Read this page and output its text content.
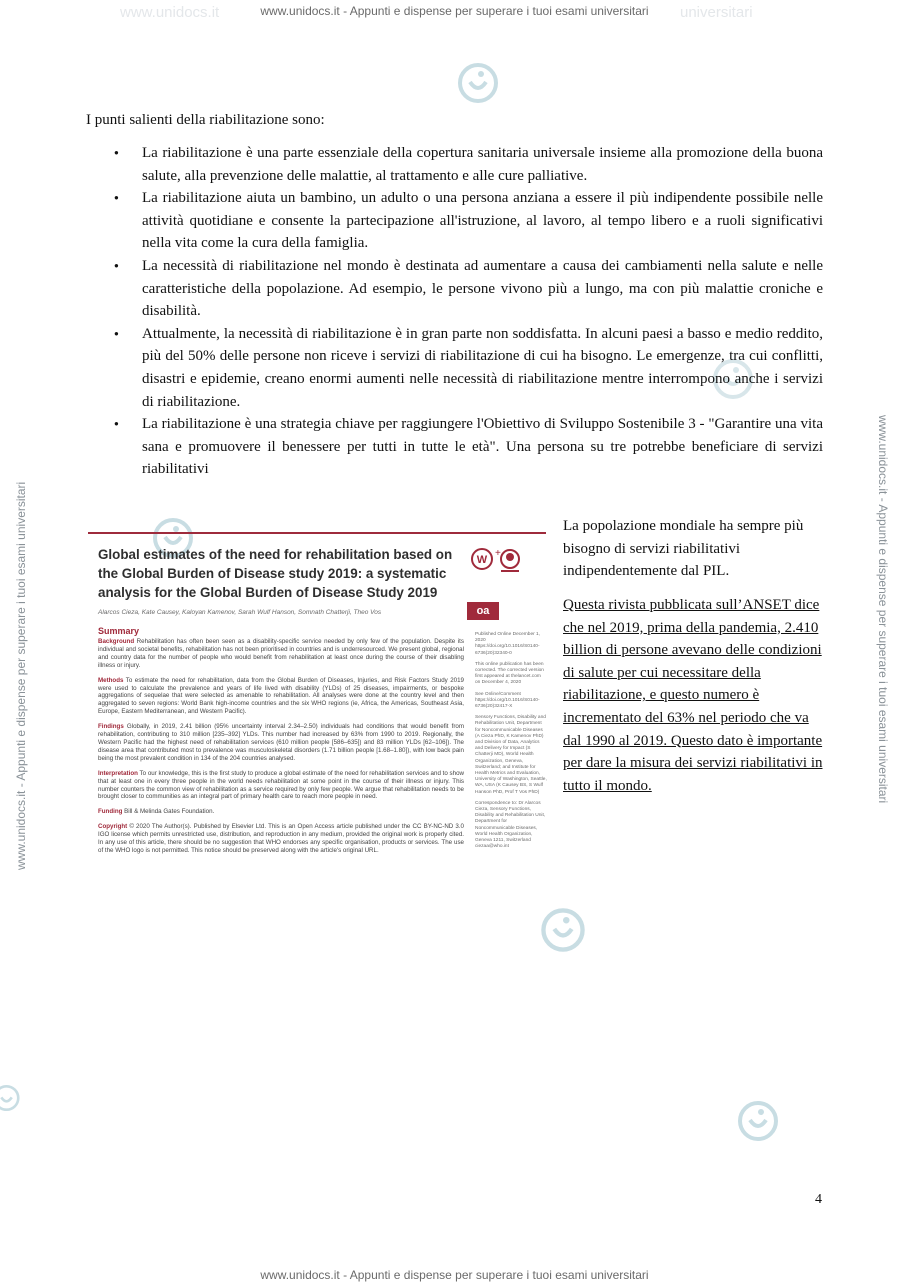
www.unidocs.it	universitari
www.unidocs.it - Appunti e dispense per superare i tuoi esami universitari
www.unidocs.it - Appunti e dispense per superare i tuoi esami universitari
www.unidocs.it - Appunti e dispense per superare i tuoi esami universitari	www.unidocs.it - Appunti e dispense per superare i tuoi esami universitari

I punti salienti della riabilitazione sono:

● La riabilitazione è una parte essenziale della copertura sanitaria universale insieme alla promozione della buona salute, alla prevenzione delle malattie, al trattamento e alle cure palliative.
● La riabilitazione aiuta un bambino, un adulto o una persona anziana a essere il più indipendente possibile nelle attività quotidiane e consente la partecipazione all'istruzione, al lavoro, al tempo libero e a ruoli significativi nella vita come la cura della famiglia.
● La necessità di riabilitazione nel mondo è destinata ad aumentare a causa dei cambiamenti nella salute e nelle caratteristiche della popolazione. Ad esempio, le persone vivono più a lungo, ma con più malattie croniche e disabilità.
● Attualmente, la necessità di riabilitazione è in gran parte non soddisfatta. In alcuni paesi a basso e medio reddito, più del 50% delle persone non riceve i servizi di riabilitazione di cui ha bisogno. Le emergenze, tra cui conflitti, disastri e epidemie, creano enormi aumenti nelle necessità di riabilitazione mentre interrompono anche i servizi di riabilitazione.
● La riabilitazione è una strategia chiave per raggiungere l'Obiettivo di Sviluppo Sostenibile 3 - "Garantire una vita sana e promuovere il benessere per tutti in tutte le età". Una persona su tre potrebbe beneficiare di servizi riabilitativi

Global estimates of the need for rehabilitation based on the Global Burden of Disease study 2019: a systematic analysis for the Global Burden of Disease Study 2019

W
+
oa
Alarcos Cieza, Kate Causey, Kaloyan Kamenov, Sarah Wulf Hanson, Somnath Chatterji, Theo Vos
Summary

Background Rehabilitation has often been seen as a disability-specific service needed by only few of the population. Despite its individual and societal benefits, rehabilitation has not been prioritised in countries and is underresourced. We present global, regional and country data for the number of people who would benefit from rehabilitation at least once during the course of their disabling illness or injury.

Methods To estimate the need for rehabilitation, data from the Global Burden of Diseases, Injuries, and Risk Factors Study 2019 were used to calculate the prevalence and years of life lived with disability (YLDs) of 25 diseases, impairments, or bespoke aggregations of sequelae that were selected as amenable to rehabilitation. All analyses were done at the country level and then aggregated to seven regions: World Bank high-income countries and the six WHO regions (ie, Africa, the Americas, Southeast Asia, Europe, Eastern Mediterranean, and Western Pacific).

Findings Globally, in 2019, 2.41 billion (95% uncertainty interval 2.34–2.50) individuals had conditions that would benefit from rehabilitation, contributing to 310 million [235–392] YLDs. This number had increased by 63% from 1990 to 2019. Regionally, the Western Pacific had the highest need of rehabilitation services (610 million people [586–635]) and 83 million YLDs [62–106]). The disease area that contributed most to prevalence was musculoskeletal disorders (1.71 billion people [1.68–1.80]), with low back pain being the most prevalent condition in 134 of the 204 countries analysed.

Interpretation To our knowledge, this is the first study to produce a global estimate of the need for rehabilitation services and to show that at least one in every three people in the world needs rehabilitation at some point in the course of their illness or injury. This number counters the common view of rehabilitation as a service required by only few people. We argue that rehabilitation needs to be brought closer to communities as an integral part of primary health care to reach more people in need.

Funding Bill & Melinda Gates Foundation.

Copyright © 2020 The Author(s). Published by Elsevier Ltd. This is an Open Access article published under the CC BY-NC-ND 3.0 IGO license which permits unrestricted use, distribution, and reproduction in any medium, provided the original work is properly cited. In any use of this article, there should be no suggestion that WHO endorses any specific organisation, products or services. The use of the WHO logo is not permitted. This notice should be preserved along with the article's original URL.

Published Online December 1, 2020 https://doi.org/10.1016/S0140-6736(20)32340-0

This online publication has been corrected. The corrected version first appeared at thelancet.com on December 4, 2020

See Online/Comment https://doi.org/10.1016/S0140-6736(20)32417-X

Sensory Functions, Disability and Rehabilitation Unit, Department for Noncommunicable Diseases (A Cieza PhD, K Kamenov PhD) and Division of Data, Analytics and Delivery for Impact (S Chatterji MD), World Health Organization, Geneva, Switzerland; and Institute for Health Metrics and Evaluation, University of Washington, Seattle, WA, USA (K Causey BS, S Wulf Hanson PhD, Prof T Vos PhD)

Correspondence to: Dr Alarcos Cieza, Sensory Functions, Disability and Rehabilitation Unit, Department for Noncommunicable Diseases, World Health Organization, Geneva 1211, Switzerland ciezaa@who.int

La popolazione mondiale ha sempre più bisogno di servizi riabilitativi indipendentemente dal PIL.

Questa rivista pubblicata sull’ANSET dice che nel 2019, prima della pandemia, 2.410 billion di persone avevano delle condizioni di salute per cui necessitare della riabilitazione, e questo numero è incrementato del 63% nel periodo che va dal 1990 al 2019. Questo dato è importante per dare la misura dei servizi riabilitativi in tutto il mondo.

4
